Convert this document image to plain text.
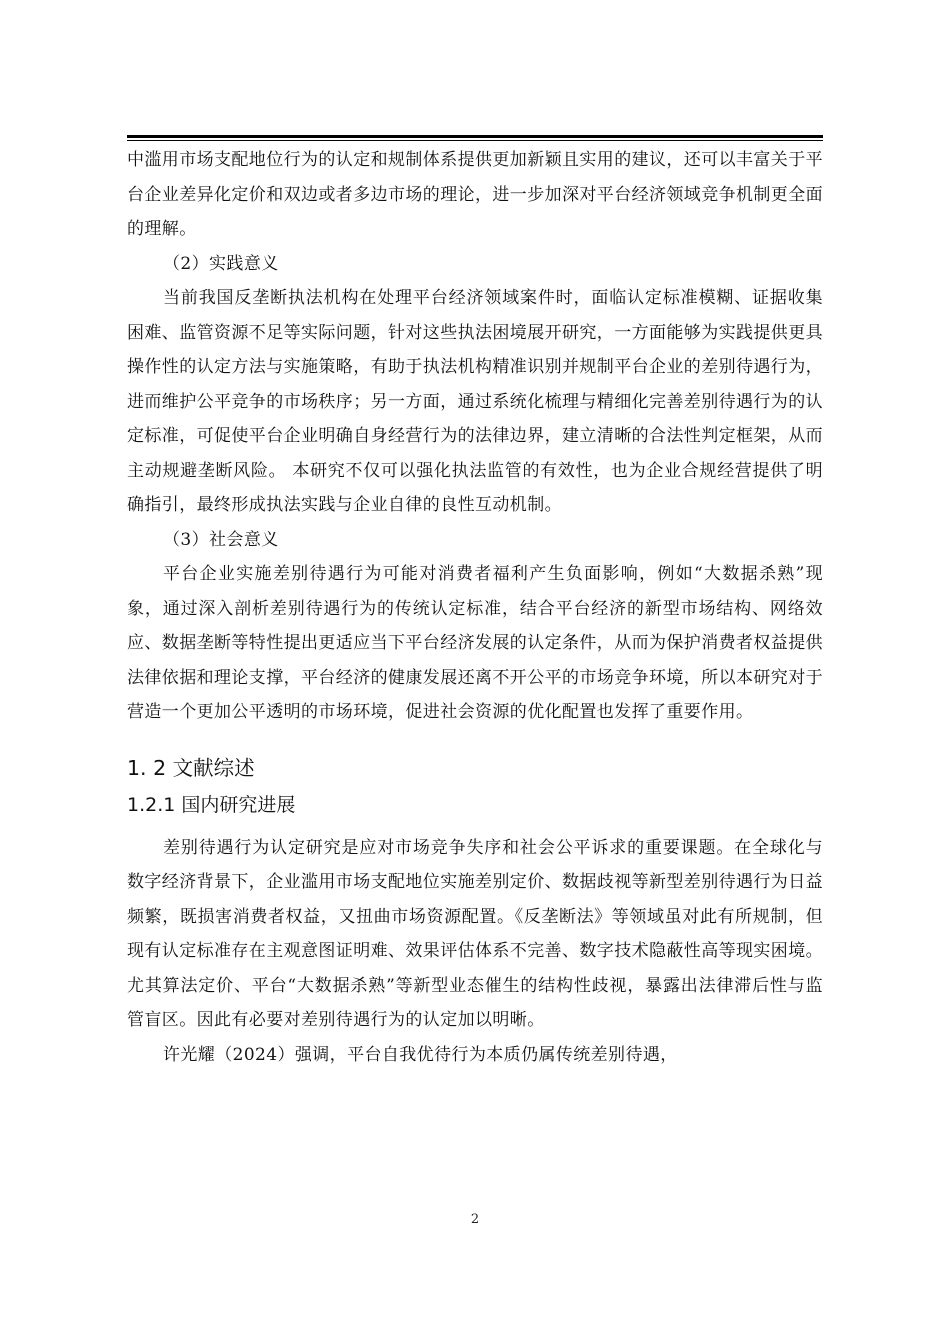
中滥用市场支配地位行为的认定和规制体系提供更加新颖且实用的建议，还可以丰富关于平台企业差异化定价和双边或者多边市场的理论，进一步加深对平台经济领域竞争机制更全面的理解。

（2）实践意义

当前我国反垄断执法机构在处理平台经济领域案件时，面临认定标准模糊、证据收集困难、监管资源不足等实际问题，针对这些执法困境展开研究，一方面能够为实践提供更具操作性的认定方法与实施策略，有助于执法机构精准识别并规制平台企业的差别待遇行为，进而维护公平竞争的市场秩序；另一方面，通过系统化梳理与精细化完善差别待遇行为的认定标准，可促使平台企业明确自身经营行为的法律边界，建立清晰的合法性判定框架，从而主动规避垄断风险。 本研究不仅可以强化执法监管的有效性，也为企业合规经营提供了明确指引，最终形成执法实践与企业自律的良性互动机制。

（3）社会意义

平台企业实施差别待遇行为可能对消费者福利产生负面影响，例如“大数据杀熟”现象，通过深入剖析差别待遇行为的传统认定标准，结合平台经济的新型市场结构、网络效应、数据垄断等特性提出更适应当下平台经济发展的认定条件，从而为保护消费者权益提供法律依据和理论支撑，平台经济的健康发展还离不开公平的市场竞争环境，所以本研究对于营造一个更加公平透明的市场环境，促进社会资源的优化配置也发挥了重要作用。

1. 2 文献综述
1.2.1 国内研究进展

差别待遇行为认定研究是应对市场竞争失序和社会公平诉求的重要课题。在全球化与数字经济背景下，企业滥用市场支配地位实施差别定价、数据歧视等新型差别待遇行为日益频繁，既损害消费者权益，又扭曲市场资源配置。《反垄断法》等领域虽对此有所规制，但现有认定标准存在主观意图证明难、效果评估体系不完善、数字技术隐蔽性高等现实困境。尤其算法定价、平台“大数据杀熟”等新型业态催生的结构性歧视，暴露出法律滞后性与监管盲区。因此有必要对差别待遇行为的认定加以明晰。

许光耀（2024）强调，平台自我优待行为本质仍属传统差别待遇，

2
